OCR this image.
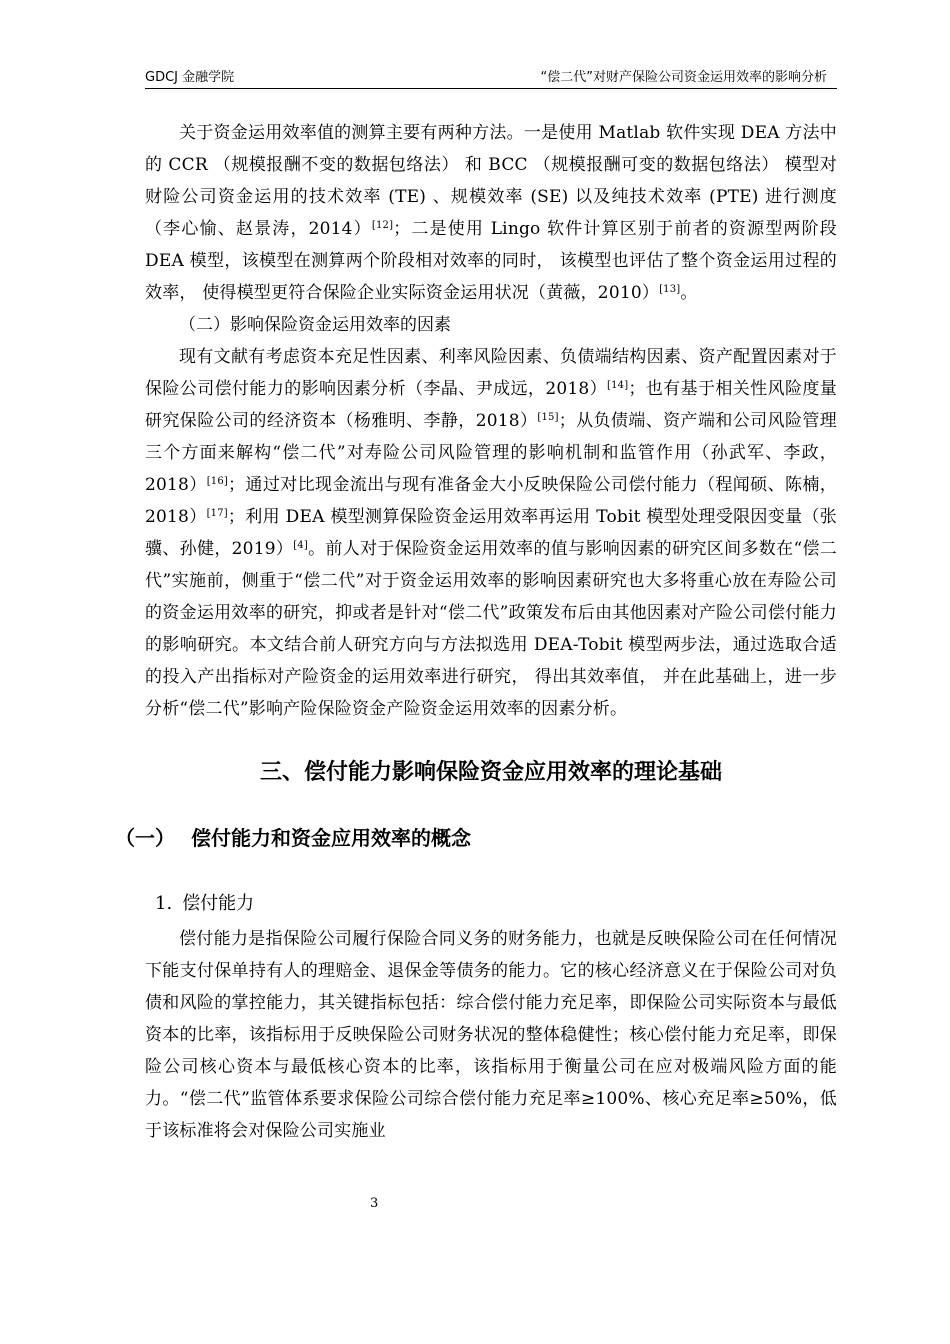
GDCJ 金融学院	“偿二代”对财产保险公司资金运用效率的影响分析

关于资金运用效率值的测算主要有两种方法。一是使用 Matlab 软件实现 DEA 方法中的 CCR （规模报酬不变的数据包络法） 和 BCC （规模报酬可变的数据包络法） 模型对财险公司资金运用的技术效率 (TE) 、规模效率 (SE) 以及纯技术效率 (PTE) 进行测度（李心愉、赵景涛，2014）[12]；二是使用 Lingo 软件计算区别于前者的资源型两阶段 DEA 模型，该模型在测算两个阶段相对效率的同时， 该模型也评估了整个资金运用过程的效率， 使得模型更符合保险企业实际资金运用状况（黄薇，2010）[13]。

（二）影响保险资金运用效率的因素

现有文献有考虑资本充足性因素、利率风险因素、负债端结构因素、资产配置因素对于保险公司偿付能力的影响因素分析（李晶、尹成远，2018）[14]；也有基于相关性风险度量研究保险公司的经济资本（杨雅明、李静，2018）[15]；从负债端、资产端和公司风险管理三个方面来解构“偿二代”对寿险公司风险管理的影响机制和监管作用（孙武军、李政，2018）[16]；通过对比现金流出与现有准备金大小反映保险公司偿付能力（程闻硕、陈楠，2018）[17]；利用 DEA 模型测算保险资金运用效率再运用 Tobit 模型处理受限因变量（张骥、孙健，2019）[4]。前人对于保险资金运用效率的值与影响因素的研究区间多数在“偿二代”实施前，侧重于“偿二代”对于资金运用效率的影响因素研究也大多将重心放在寿险公司的资金运用效率的研究，抑或者是针对“偿二代”政策发布后由其他因素对产险公司偿付能力的影响研究。本文结合前人研究方向与方法拟选用 DEA-Tobit 模型两步法，通过选取合适的投入产出指标对产险资金的运用效率进行研究， 得出其效率值， 并在此基础上，进一步分析“偿二代”影响产险保险资金产险资金运用效率的因素分析。

三、偿付能力影响保险资金应用效率的理论基础
（一） 偿付能力和资金应用效率的概念
1. 偿付能力

偿付能力是指保险公司履行保险合同义务的财务能力，也就是反映保险公司在任何情况下能支付保单持有人的理赔金、退保金等债务的能力。它的核心经济意义在于保险公司对负债和风险的掌控能力，其关键指标包括：综合偿付能力充足率，即保险公司实际资本与最低资本的比率，该指标用于反映保险公司财务状况的整体稳健性；核心偿付能力充足率，即保险公司核心资本与最低核心资本的比率，该指标用于衡量公司在应对极端风险方面的能力。“偿二代”监管体系要求保险公司综合偿付能力充足率≥100%、核心充足率≥50%，低于该标准将会对保险公司实施业

3
